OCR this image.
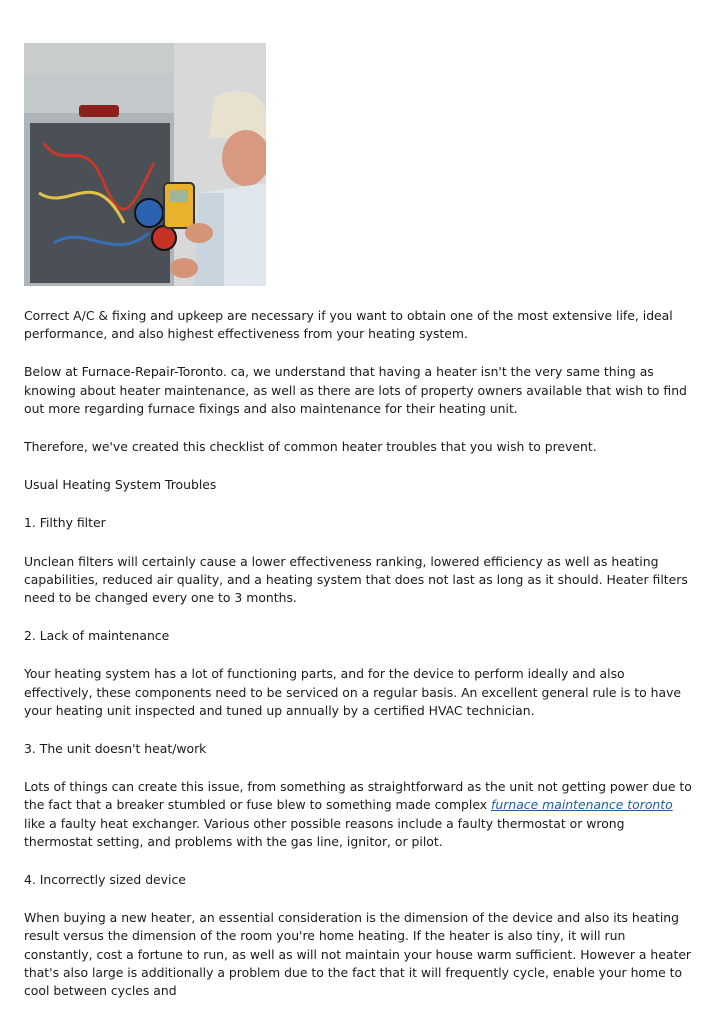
Correct A/C & fixing and upkeep are necessary if you want to obtain one of the most extensive life, ideal performance, and also highest effectiveness from your heating system.

Below at Furnace-Repair-Toronto. ca, we understand that having a heater isn't the very same thing as knowing about heater maintenance, as well as there are lots of property owners available that wish to find out more regarding furnace fixings and also maintenance for their heating unit.

Therefore, we've created this checklist of common heater troubles that you wish to prevent.

Usual Heating System Troubles

1. Filthy filter

Unclean filters will certainly cause a lower effectiveness ranking, lowered efficiency as well as heating capabilities, reduced air quality, and a heating system that does not last as long as it should. Heater filters need to be changed every one to 3 months.

2. Lack of maintenance

Your heating system has a lot of functioning parts, and for the device to perform ideally and also effectively, these components need to be serviced on a regular basis. An excellent general rule is to have your heating unit inspected and tuned up annually by a certified HVAC technician.

3. The unit doesn't heat/work

Lots of things can create this issue, from something as straightforward as the unit not getting power due to the fact that a breaker stumbled or fuse blew to something made complex furnace maintenance toronto like a faulty heat exchanger. Various other possible reasons include a faulty thermostat or wrong thermostat setting, and problems with the gas line, ignitor, or pilot.

4. Incorrectly sized device

When buying a new heater, an essential consideration is the dimension of the device and also its heating result versus the dimension of the room you're home heating. If the heater is also tiny, it will run constantly, cost a fortune to run, as well as will not maintain your house warm sufficient. However a heater that's also large is additionally a problem due to the fact that it will frequently cycle, enable your home to cool between cycles and
